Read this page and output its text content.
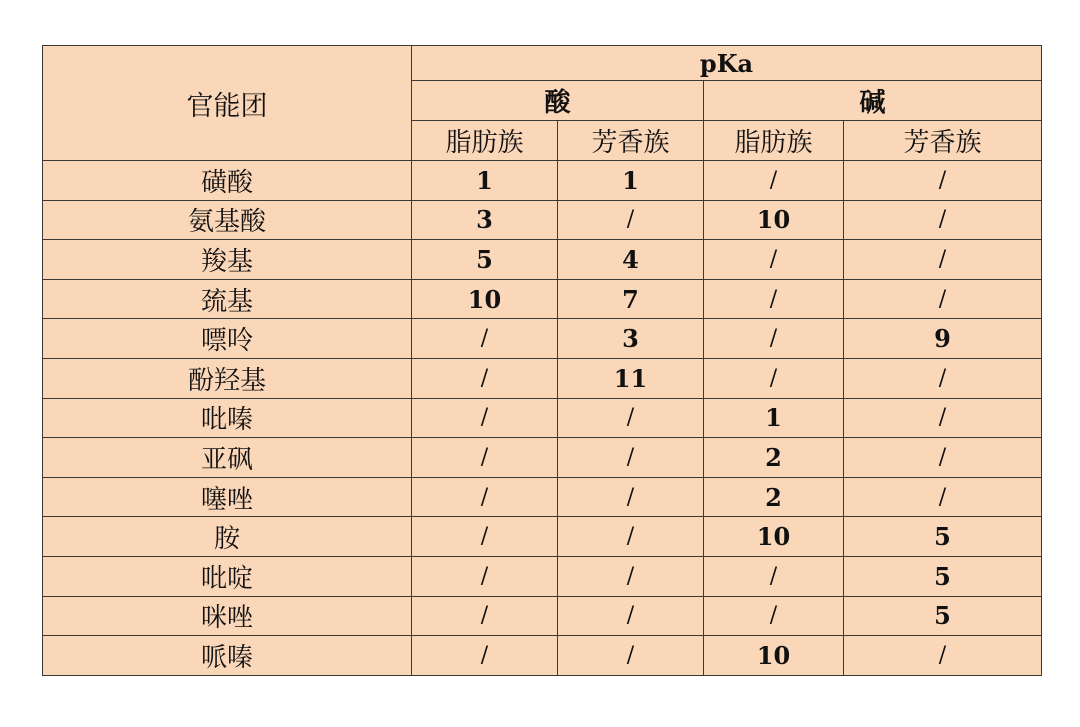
官能团	pKa			
	酸		碱	
	脂肪族	芳香族	脂肪族	芳香族
磺酸	1	1	/	/
氨基酸	3	/	10	/
羧基	5	4	/	/
巯基	10	7	/	/
嘌呤	/	3	/	9
酚羟基	/	11	/	/
吡嗪	/	/	1	/
亚砜	/	/	2	/
噻唑	/	/	2	/
胺	/	/	10	5
吡啶	/	/	/	5
咪唑	/	/	/	5
哌嗪	/	/	10	/
